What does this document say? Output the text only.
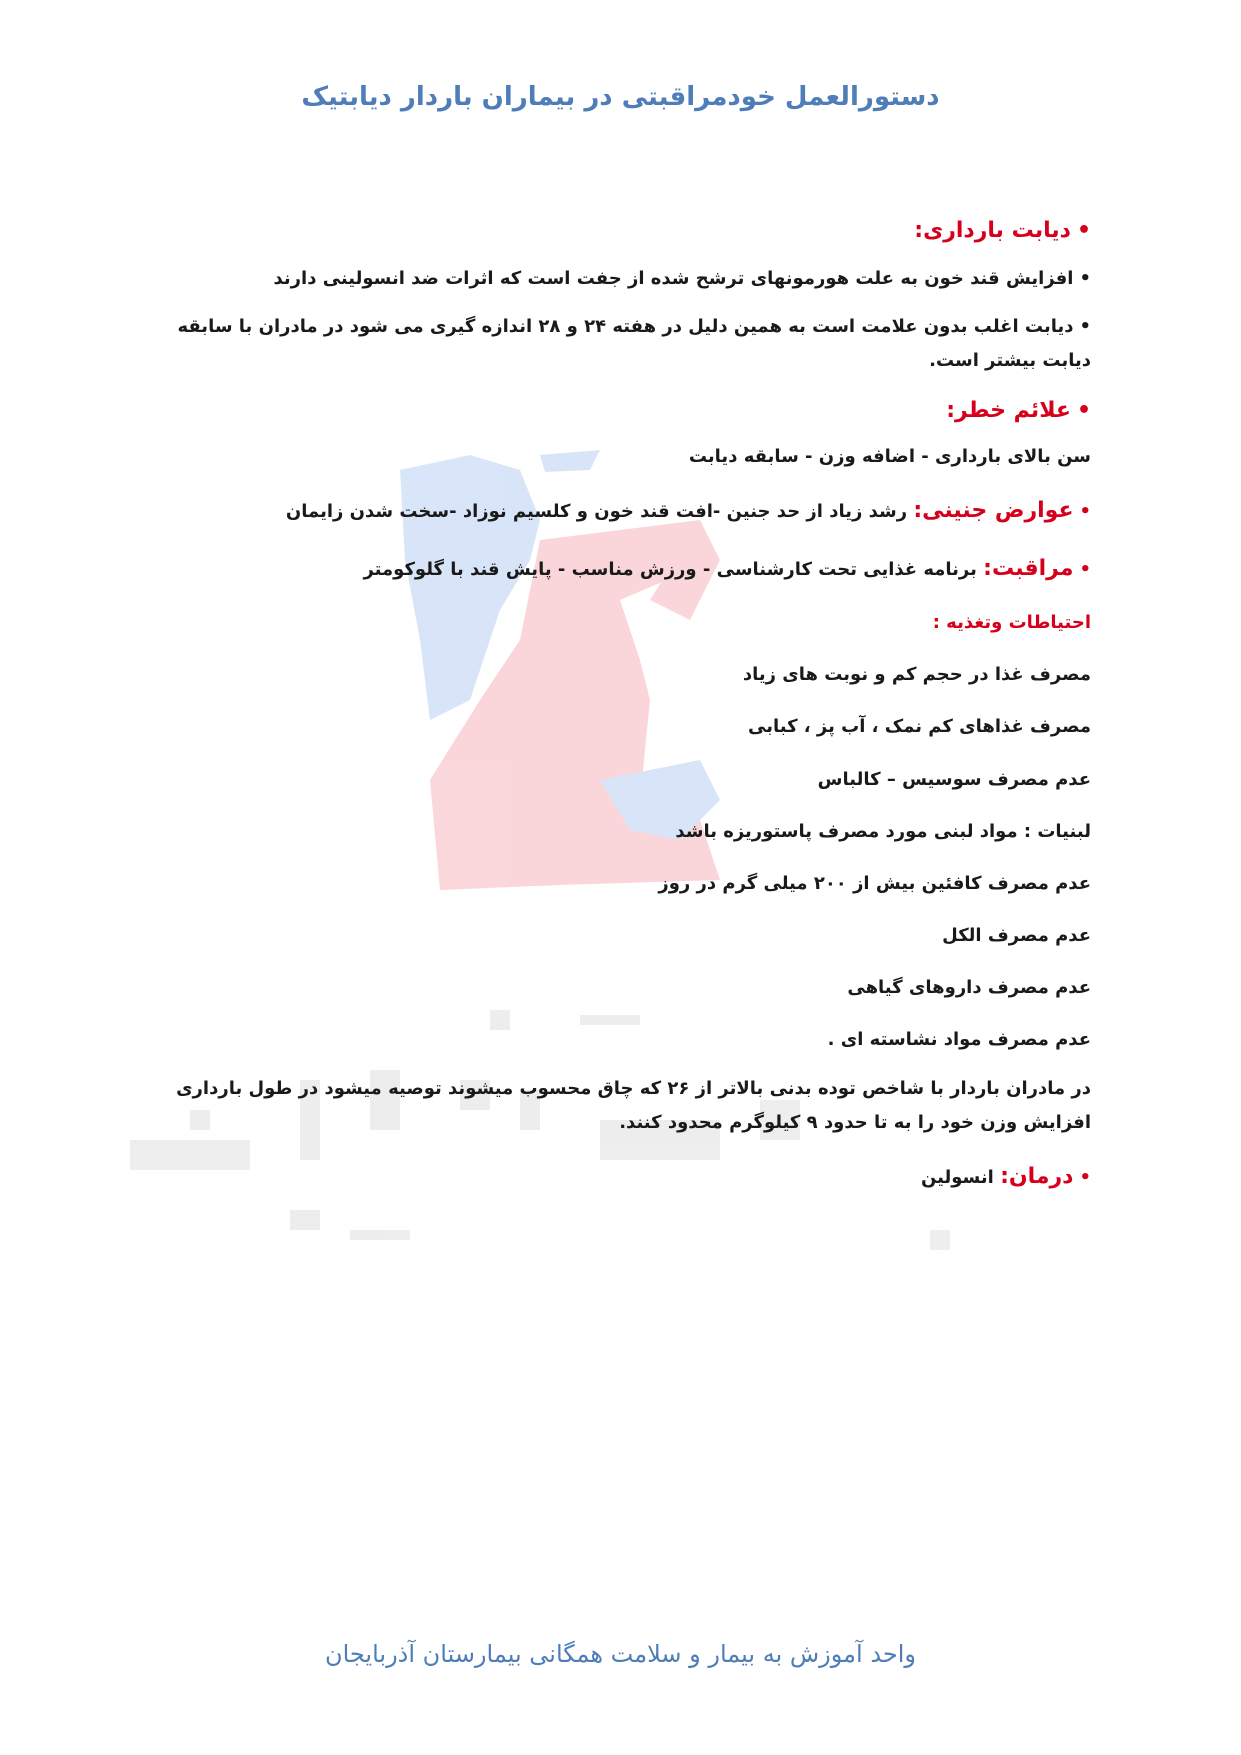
دستورالعمل خودمراقبتی در بیماران باردار دیابتیک

• دیابت بارداری:

• افزایش قند خون به علت هورمونهای ترشح شده از جفت است که اثرات ضد انسولینی دارند

• دیابت اغلب بدون علامت است به همین دلیل در هفته ۲۴ و ۲۸ اندازه گیری می شود در مادران با سابقه دیابت بیشتر است.

• علائم خطر:

سن بالای بارداری - اضافه وزن - سابقه دیابت

• عوارض جنینی: رشد زیاد از حد جنین -افت قند خون و کلسیم نوزاد -سخت شدن زایمان

• مراقبت: برنامه غذایی تحت کارشناسی - ورزش مناسب - پایش قند با گلوکومتر

احتیاطات وتغذیه :

مصرف غذا در حجم کم و نوبت های زیاد

مصرف غذاهای کم نمک ، آب پز ، کبابی

عدم مصرف سوسیس – کالباس

لبنیات : مواد لبنی مورد مصرف پاستوریزه باشد

عدم مصرف کافئین بیش از ۲۰۰ میلی گرم در روز

عدم مصرف الکل

عدم مصرف داروهای گیاهی

عدم مصرف مواد نشاسته ای .

در مادران باردار با شاخص توده بدنی بالاتر از ۲۶ که چاق محسوب میشوند توصیه میشود در طول بارداری افزایش وزن خود را به تا حدود ۹ کیلوگرم محدود کنند.

• درمان: انسولین

واحد آموزش به بیمار و سلامت همگانی بیمارستان آذربایجان
